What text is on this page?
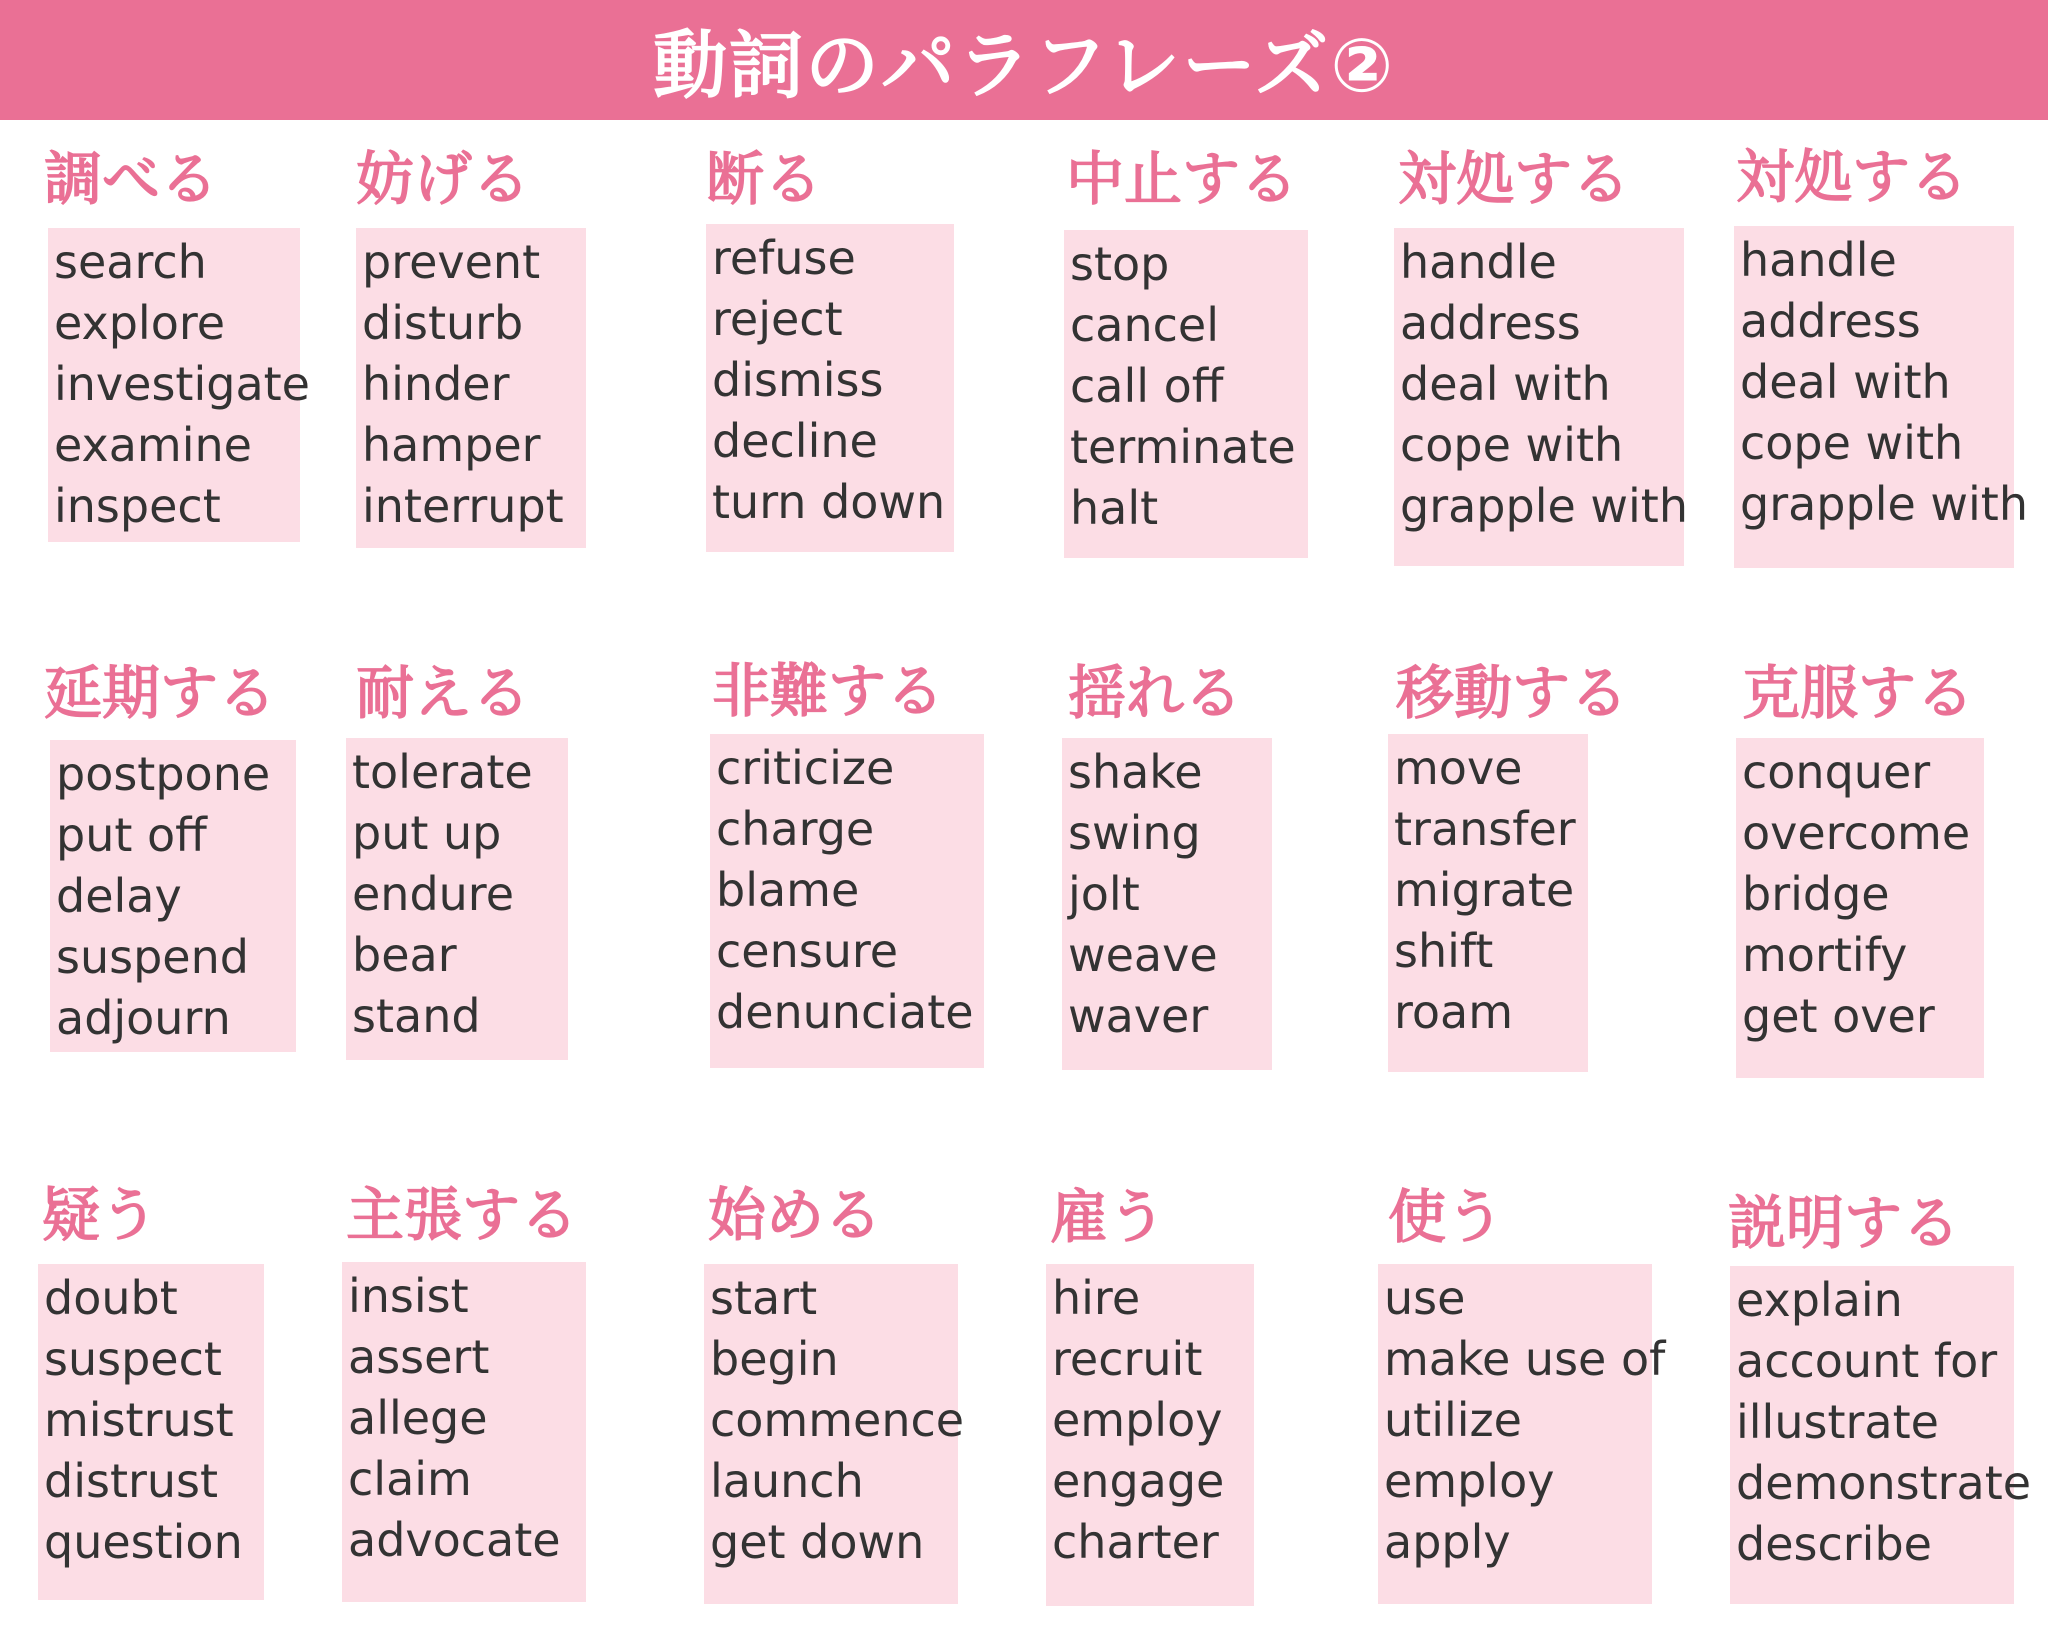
動詞のパラフレーズ②
調べる
search
explore
investigate
examine
inspect
妨げる
prevent
disturb
hinder
hamper
interrupt
断る
refuse
reject
dismiss
decline
turn down
中止する
stop
cancel
call off
terminate
halt
対処する
handle
address
deal with
cope with
grapple with
対処する
handle
address
deal with
cope with
grapple with
延期する
postpone
put off
delay
suspend
adjourn
耐える
tolerate
put up
endure
bear
stand
非難する
criticize
charge
blame
censure
denunciate
揺れる
shake
swing
jolt
weave
waver
移動する
move
transfer
migrate
shift
roam
克服する
conquer
overcome
bridge
mortify
get over
疑う
doubt
suspect
mistrust
distrust
question
主張する
insist
assert
allege
claim
advocate
始める
start
begin
commence
launch
get down
雇う
hire
recruit
employ
engage
charter
使う
use
make use of
utilize
employ
apply
説明する
explain
account for
illustrate
demonstrate
describe
